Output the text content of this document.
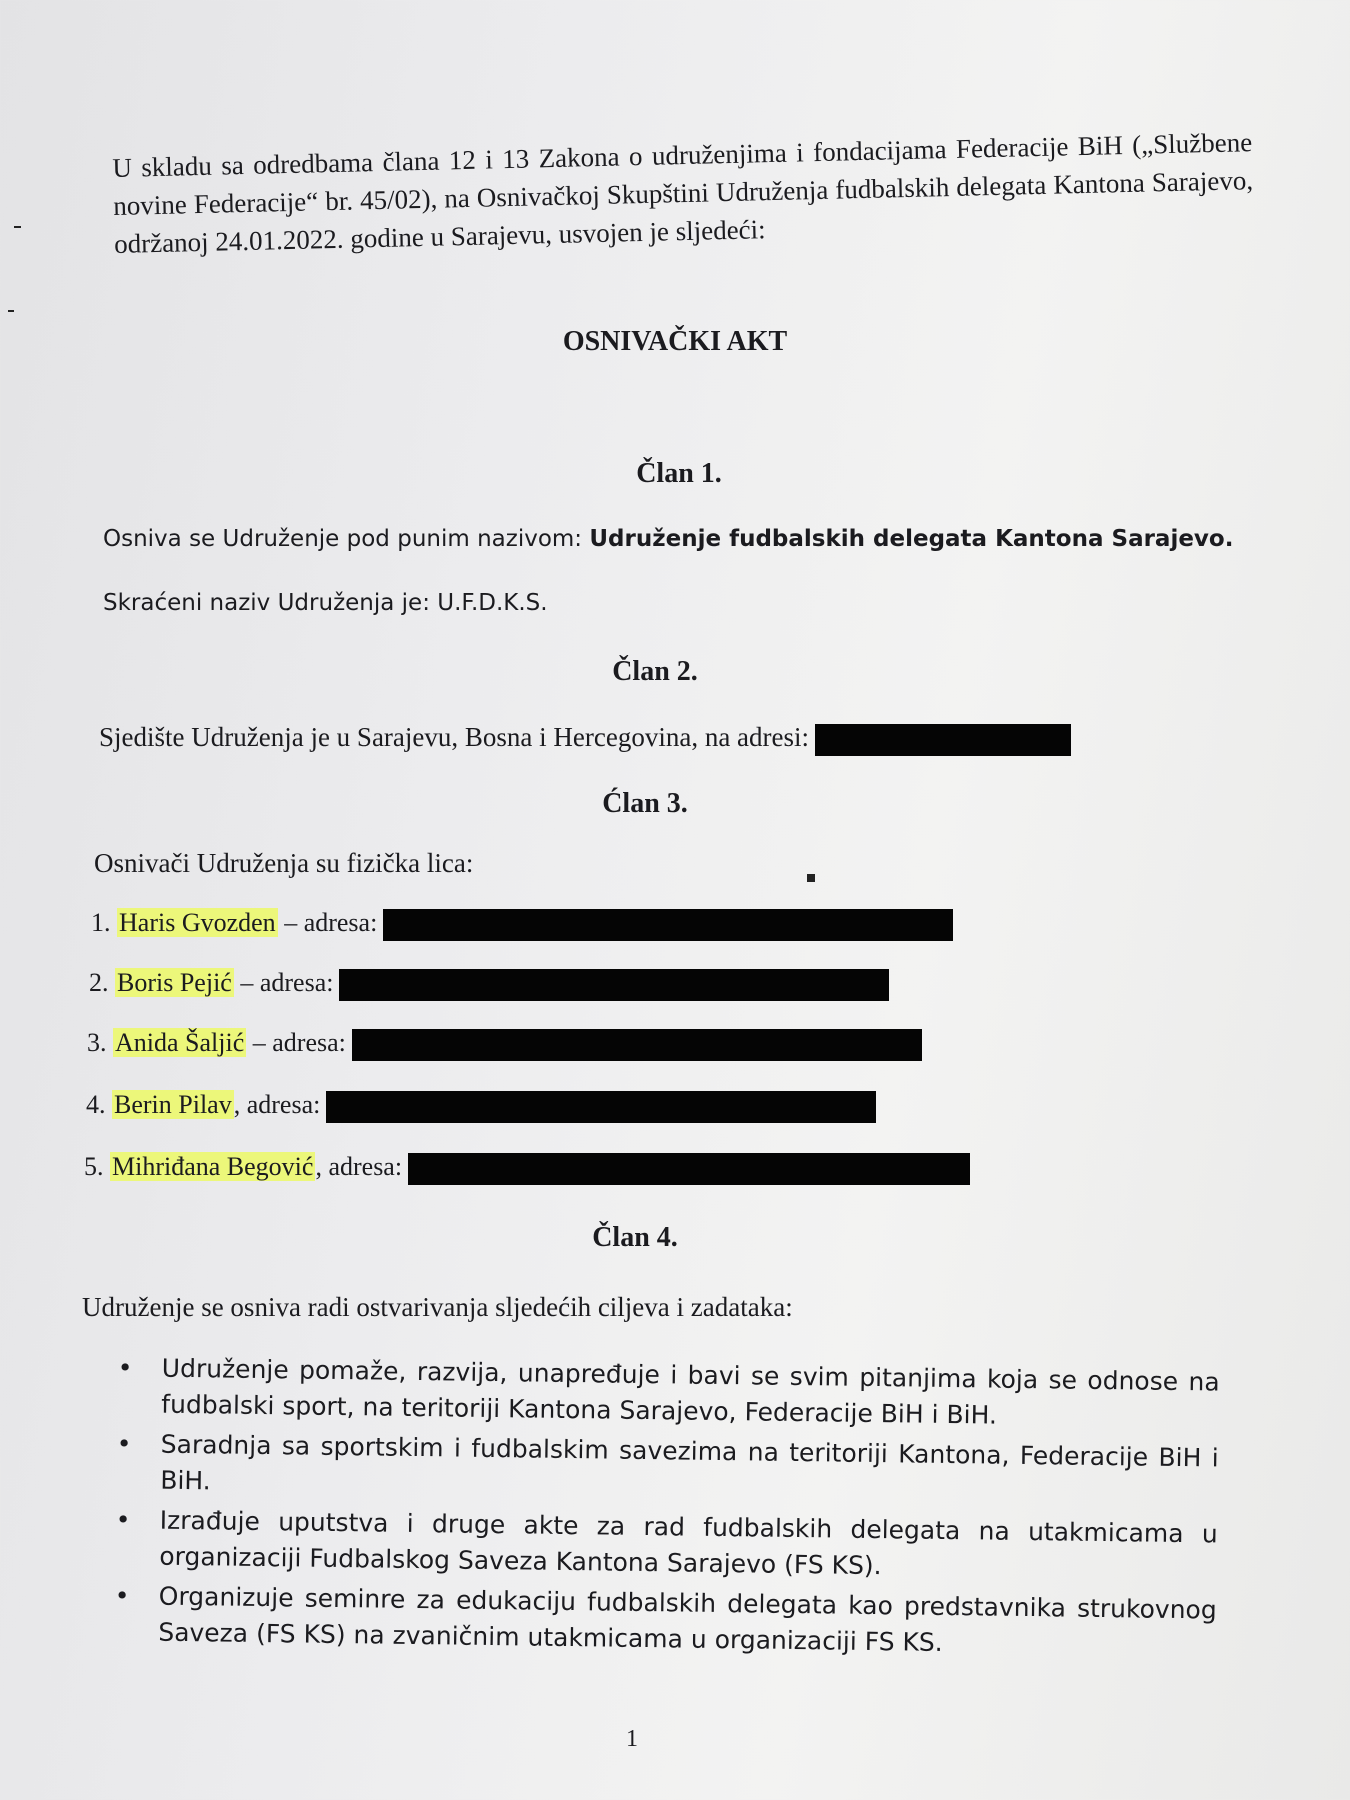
U skladu sa odredbama člana 12 i 13 Zakona o udruženjima i fondacijama Federacije BiH („Službene novine Federacije“ br. 45/02), na Osnivačkoj Skupštini Udruženja fudbalskih delegata Kantona Sarajevo, održanoj 24.01.2022. godine u Sarajevu, usvojen je sljedeći:

OSNIVAČKI AKT
Član 1.
Osniva se Udruženje pod punim nazivom: Udruženje fudbalskih delegata Kantona Sarajevo.
Skraćeni naziv Udruženja je: U.F.D.K.S.
Član 2.
Sjedište Udruženja je u Sarajevu, Bosna i Hercegovina, na adresi:
Ćlan 3.
Osnivači Udruženja su fizička lica:
1. Haris Gvozden – adresa:
2. Boris Pejić – adresa:
3. Anida Šaljić – adresa:
4. Berin Pilav, adresa:
5. Mihriđana Begović, adresa:
Član 4.
Udruženje se osniva radi ostvarivanja sljedećih ciljeva i zadataka:
• Udruženje pomaže, razvija, unapređuje i bavi se svim pitanjima koja se odnose na fudbalski sport, na teritoriji Kantona Sarajevo, Federacije BiH i BiH.
• Saradnja sa sportskim i fudbalskim savezima na teritoriji Kantona, Federacije BiH i BiH.
• Izrađuje uputstva i druge akte za rad fudbalskih delegata na utakmicama u organizaciji Fudbalskog Saveza Kantona Sarajevo (FS KS).
• Organizuje seminre za edukaciju fudbalskih delegata kao predstavnika strukovnog Saveza (FS KS) na zvaničnim utakmicama u organizaciji FS KS.
1
